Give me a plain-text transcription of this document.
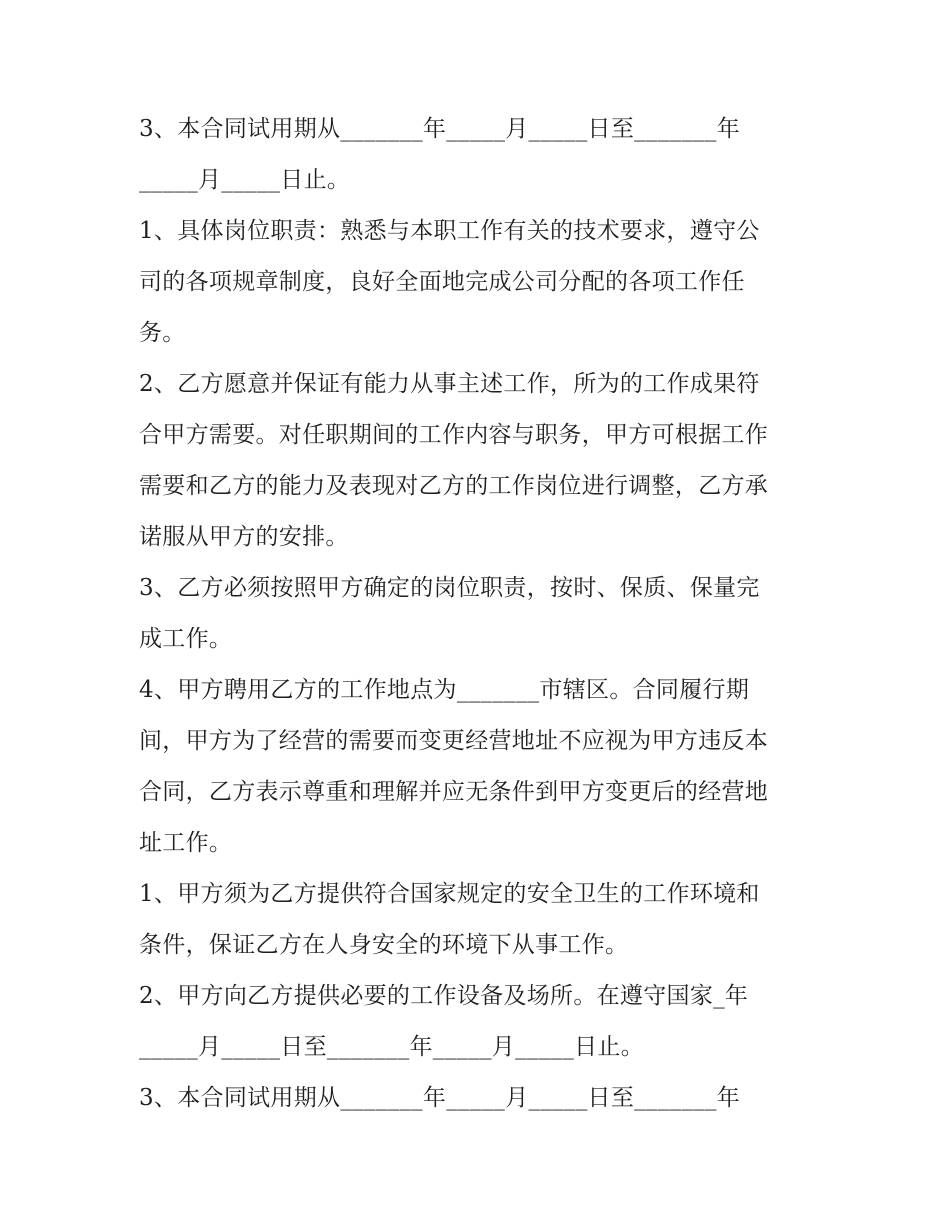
3、本合同试用期从_______年_____月_____日至_______年
_____月_____日止。
1、具体岗位职责：熟悉与本职工作有关的技术要求，遵守公
司的各项规章制度，良好全面地完成公司分配的各项工作任
务。
2、乙方愿意并保证有能力从事主述工作，所为的工作成果符
合甲方需要。对任职期间的工作内容与职务，甲方可根据工作
需要和乙方的能力及表现对乙方的工作岗位进行调整，乙方承
诺服从甲方的安排。
3、乙方必须按照甲方确定的岗位职责，按时、保质、保量完
成工作。
4、甲方聘用乙方的工作地点为_______市辖区。合同履行期
间，甲方为了经营的需要而变更经营地址不应视为甲方违反本
合同，乙方表示尊重和理解并应无条件到甲方变更后的经营地
址工作。
1、甲方须为乙方提供符合国家规定的安全卫生的工作环境和
条件，保证乙方在人身安全的环境下从事工作。
2、甲方向乙方提供必要的工作设备及场所。在遵守国家_年
_____月_____日至_______年_____月_____日止。
3、本合同试用期从_______年_____月_____日至_______年
